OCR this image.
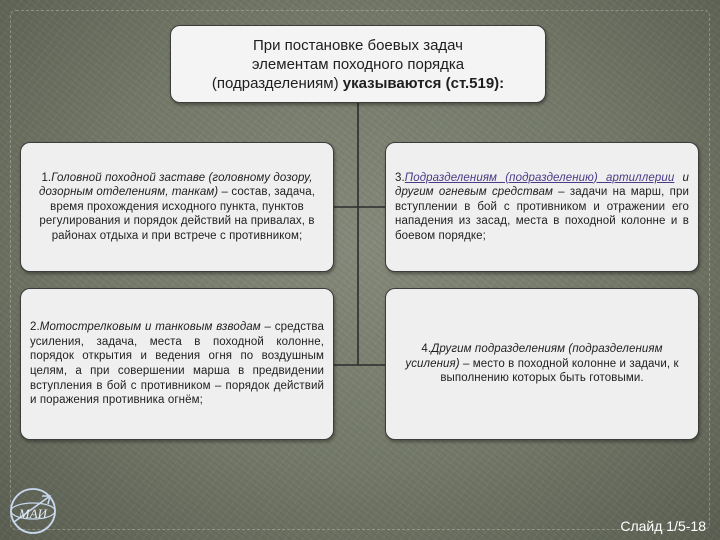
При постановке боевых задач
элементам походного порядка
(подразделениям) указываются (ст.519):
1.Головной походной заставе (головному дозору, дозорным отделениям, танкам) – состав, задача, время прохождения исходного пункта, пунктов регулирования и порядок действий на привалах, в районах отдыха и при встрече с противником;
2.Мотострелковым и танковым взводам – средства усиления, задача, места в походной колонне, порядок открытия и ведения огня по воздушным целям, а при совершении марша в предвидении вступления в бой с противником – порядок действий и поражения противника огнём;
3.Подразделениям (подразделению) артиллерии и другим огневым средствам – задачи на марш, при вступлении в бой с противником и отражении его нападения из засад, места в походной колонне и в боевом порядке;
4.Другим подразделениям (подразделениям усиления) – место в походной колонне и задачи, к выполнению которых быть готовыми.
МАИ
Слайд 1/5-18
